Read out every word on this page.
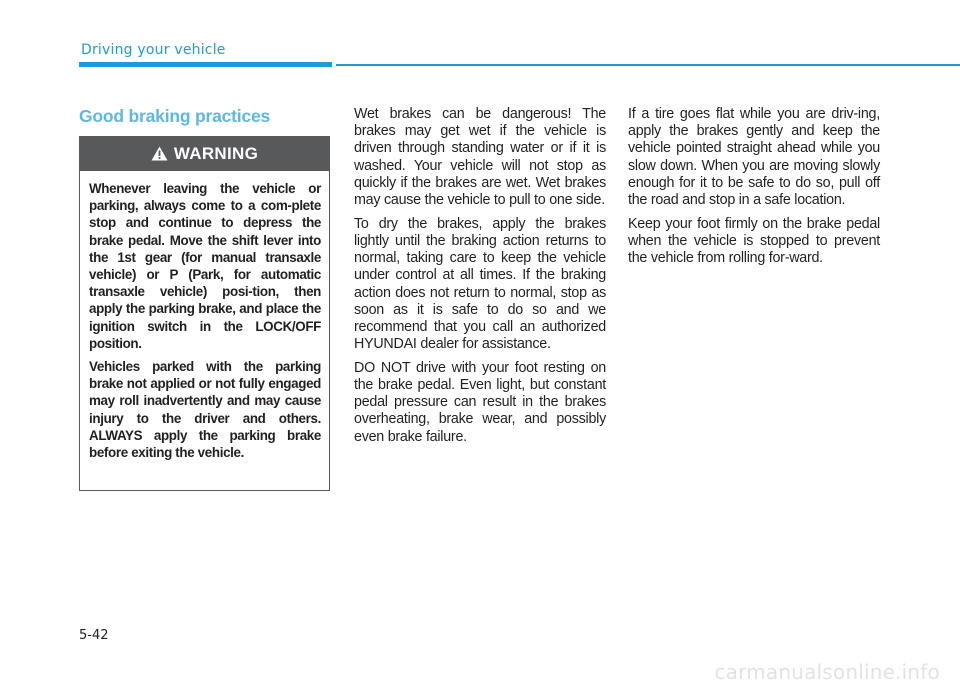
Driving your vehicle
Good braking practices
WARNING

Whenever leaving the vehicle or parking, always come to a com-plete stop and continue to depress the brake pedal. Move the shift lever into the 1st gear (for manual transaxle vehicle) or P (Park, for automatic transaxle vehicle) posi-tion, then apply the parking brake, and place the ignition switch in the LOCK/OFF position.

Vehicles parked with the parking brake not applied or not fully engaged may roll inadvertently and may cause injury to the driver and others. ALWAYS apply the parking brake before exiting the vehicle.

Wet brakes can be dangerous! The brakes may get wet if the vehicle is driven through standing water or if it is washed. Your vehicle will not stop as quickly if the brakes are wet. Wet brakes may cause the vehicle to pull to one side.

To dry the brakes, apply the brakes lightly until the braking action returns to normal, taking care to keep the vehicle under control at all times. If the braking action does not return to normal, stop as soon as it is safe to do so and we recommend that you call an authorized HYUNDAI dealer for assistance.

DO NOT drive with your foot resting on the brake pedal. Even light, but constant pedal pressure can result in the brakes overheating, brake wear, and possibly even brake failure.

If a tire goes flat while you are driv-ing, apply the brakes gently and keep the vehicle pointed straight ahead while you slow down. When you are moving slowly enough for it to be safe to do so, pull off the road and stop in a safe location.

Keep your foot firmly on the brake pedal when the vehicle is stopped to prevent the vehicle from rolling for-ward.

5-42
carmanualsonline.info
